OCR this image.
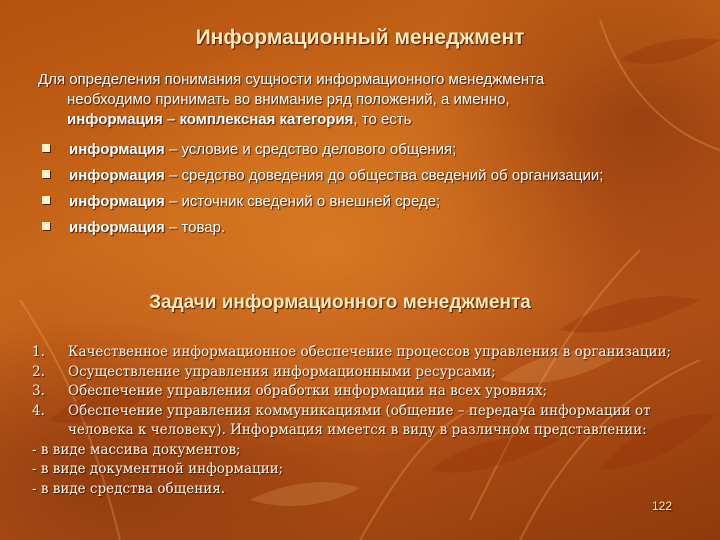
Информационный менеджмент
Для определения понимания сущности информационного менеджмента
необходимо принимать во внимание ряд положений, а именно,
информация – комплексная категория, то есть
информация – условие и средство делового общения;
информация – средство доведения до общества сведений об организации;
информация – источник сведений о внешней среде;
информация – товар.
Задачи информационного менеджмента
1. Качественное информационное обеспечение процессов управления в организации;
2. Осуществление управления информационными ресурсами;
3. Обеспечение управления обработки информации на всех уровнях;
4. Обеспечение управления коммуникациями (общение – передача информации от человека к человеку). Информация имеется в виду в различном представлении:
- в виде массива документов;
- в виде документной информации;
- в виде средства общения.
122
